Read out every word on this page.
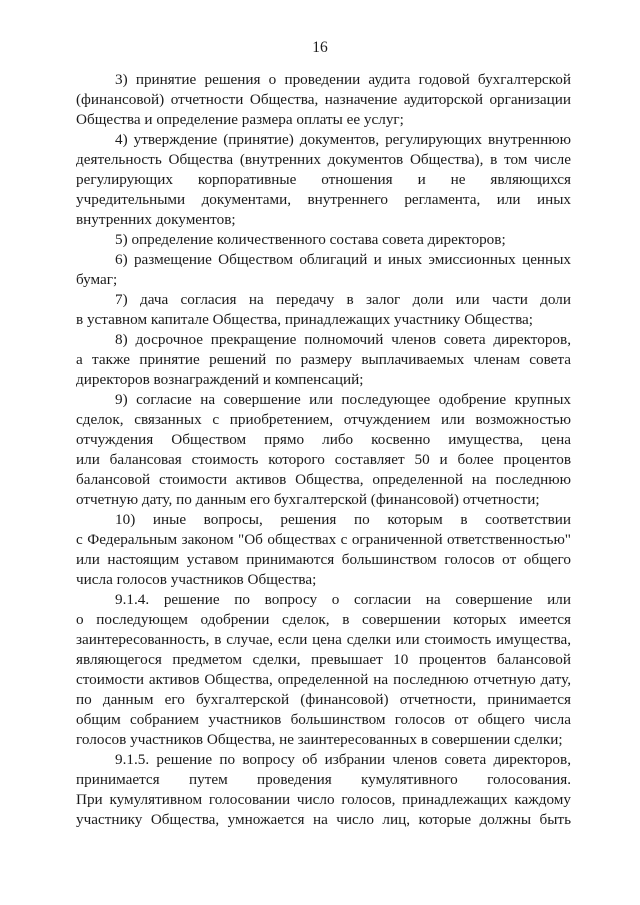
16
3) принятие решения о проведении аудита годовой бухгалтерской
(финансовой) отчетности Общества, назначение аудиторской организации
Общества и определение размера оплаты ее услуг;
4) утверждение (принятие) документов, регулирующих внутреннюю
деятельность Общества (внутренних документов Общества), в том числе
регулирующих корпоративные отношения и не являющихся
учредительными документами, внутреннего регламента, или иных
внутренних документов;
5) определение количественного состава совета директоров;
6) размещение Обществом облигаций и иных эмиссионных ценных
бумаг;
7) дача согласия на передачу в залог доли или части доли
в уставном капитале Общества, принадлежащих участнику Общества;
8) досрочное прекращение полномочий членов совета директоров,
а также принятие решений по размеру выплачиваемых членам совета
директоров вознаграждений и компенсаций;
9) согласие на совершение или последующее одобрение крупных
сделок, связанных с приобретением, отчуждением или возможностью
отчуждения Обществом прямо либо косвенно имущества, цена
или балансовая стоимость которого составляет 50 и более процентов
балансовой стоимости активов Общества, определенной на последнюю
отчетную дату, по данным его бухгалтерской (финансовой) отчетности;
10) иные вопросы, решения по которым в соответствии
с Федеральным законом "Об обществах с ограниченной ответственностью"
или настоящим уставом принимаются большинством голосов от общего
числа голосов участников Общества;
9.1.4. решение по вопросу о согласии на совершение или
о последующем одобрении сделок, в совершении которых имеется
заинтересованность, в случае, если цена сделки или стоимость имущества,
являющегося предметом сделки, превышает 10 процентов балансовой
стоимости активов Общества, определенной на последнюю отчетную дату,
по данным его бухгалтерской (финансовой) отчетности, принимается
общим собранием участников большинством голосов от общего числа
голосов участников Общества, не заинтересованных в совершении сделки;
9.1.5. решение по вопросу об избрании членов совета директоров,
принимается путем проведения кумулятивного голосования.
При кумулятивном голосовании число голосов, принадлежащих каждому
участнику Общества, умножается на число лиц, которые должны быть
